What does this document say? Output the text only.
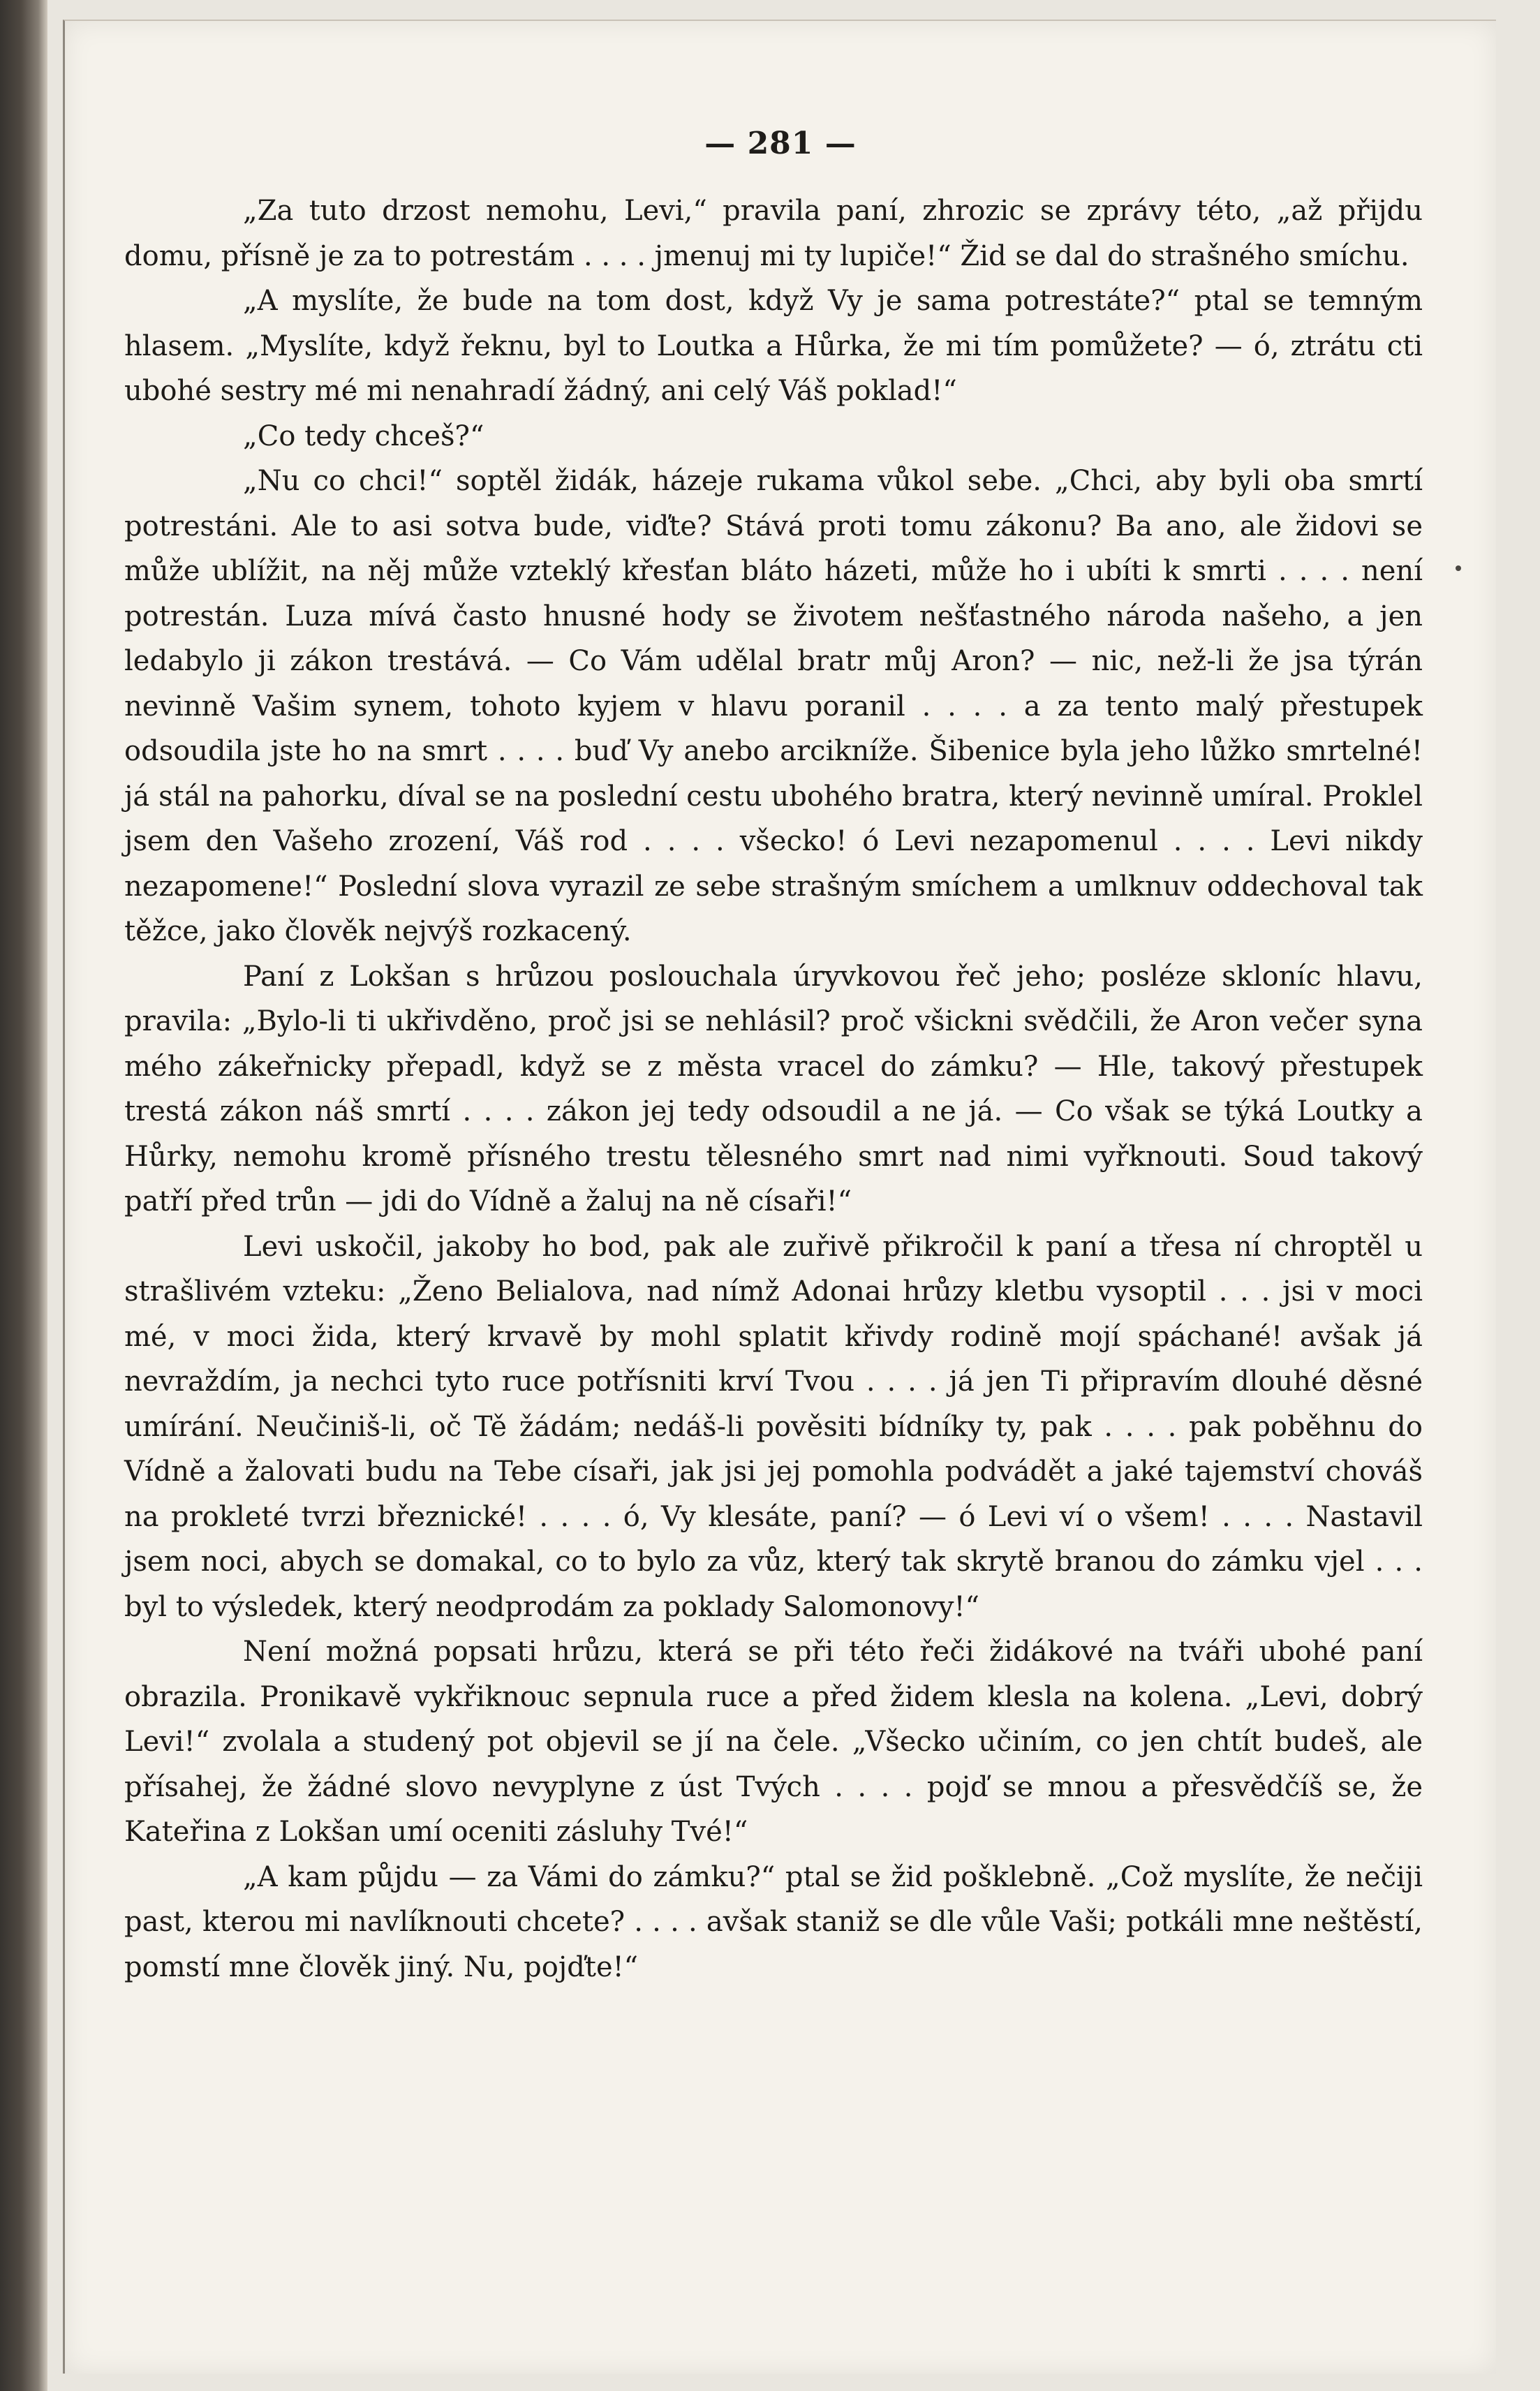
— 281 —

„Za tuto drzost nemohu, Levi,“ pravila paní, zhrozic se zprávy této, „až přijdu domu, přísně je za to potrestám . . . . jmenuj mi ty lupiče!“ Žid se dal do strašného smíchu.

„A myslíte, že bude na tom dost, když Vy je sama potrestáte?“ ptal se temným hlasem. „Myslíte, když řeknu, byl to Loutka a Hůrka, že mi tím pomůžete? — ó, ztrátu cti ubohé sestry mé mi nenahradí žádný, ani celý Váš poklad!“

„Co tedy chceš?“

„Nu co chci!“ soptěl židák, házeje rukama vůkol sebe. „Chci, aby byli oba smrtí potrestáni. Ale to asi sotva bude, viďte? Stává proti tomu zákonu? Ba ano, ale židovi se může ublížit, na něj může vzteklý křesťan bláto házeti, může ho i ubíti k smrti . . . . není potrestán. Luza mívá často hnusné hody se životem nešťastného národa našeho, a jen ledabylo ji zákon trestává. — Co Vám udělal bratr můj Aron? — nic, než-li že jsa týrán nevinně Vašim synem, tohoto kyjem v hlavu poranil . . . . a za tento malý přestupek odsoudila jste ho na smrt . . . . buď Vy anebo arcikníže. Šibenice byla jeho lůžko smrtelné! já stál na pahorku, díval se na poslední cestu ubohého bratra, který nevinně umíral. Proklel jsem den Vašeho zrození, Váš rod . . . . všecko! ó Levi nezapomenul . . . . Levi nikdy nezapomene!“ Poslední slova vyrazil ze sebe strašným smíchem a umlknuv oddechoval tak těžce, jako člověk nejvýš rozkacený.

Paní z Lokšan s hrůzou poslouchala úryvkovou řeč jeho; posléze skloníc hlavu, pravila: „Bylo-li ti ukřivděno, proč jsi se nehlásil? proč všickni svědčili, že Aron večer syna mého zákeřnicky přepadl, když se z města vracel do zámku? — Hle, takový přestupek trestá zákon náš smrtí . . . . zákon jej tedy odsoudil a ne já. — Co však se týká Loutky a Hůrky, nemohu kromě přísného trestu tělesného smrt nad nimi vyřknouti. Soud takový patří před trůn — jdi do Vídně a žaluj na ně císaři!“

Levi uskočil, jakoby ho bod, pak ale zuřivě přikročil k paní a třesa ní chroptěl u strašlivém vzteku: „Ženo Belialova, nad nímž Adonai hrůzy kletbu vysoptil . . . jsi v moci mé, v moci žida, který krvavě by mohl splatit křivdy rodině mojí spáchané! avšak já nevraždím, ja nechci tyto ruce potřísniti krví Tvou . . . . já jen Ti připravím dlouhé děsné umírání. Neučiniš-li, oč Tě žádám; nedáš-li pověsiti bídníky ty, pak . . . . pak poběhnu do Vídně a žalovati budu na Tebe císaři, jak jsi jej pomohla podvádět a jaké tajemství chováš na prokleté tvrzi březnické! . . . . ó, Vy klesáte, paní? — ó Levi ví o všem! . . . . Nastavil jsem noci, abych se domakal, co to bylo za vůz, který tak skrytě branou do zámku vjel . . . byl to výsledek, který neodprodám za poklady Salomonovy!“

Není možná popsati hrůzu, která se při této řeči židákové na tváři ubohé paní obrazila. Pronikavě vykřiknouc sepnula ruce a před židem klesla na kolena. „Levi, dobrý Levi!“ zvolala a studený pot objevil se jí na čele. „Všecko učiním, co jen chtít budeš, ale přísahej, že žádné slovo nevyplyne z úst Tvých . . . . pojď se mnou a přesvědčíš se, že Kateřina z Lokšan umí oceniti zásluhy Tvé!“

„A kam půjdu — za Vámi do zámku?“ ptal se žid pošklebně. „Což myslíte, že nečiji past, kterou mi navlíknouti chcete? . . . . avšak staniž se dle vůle Vaši; potkáli mne neštěstí, pomstí mne člověk jiný. Nu, pojďte!“
